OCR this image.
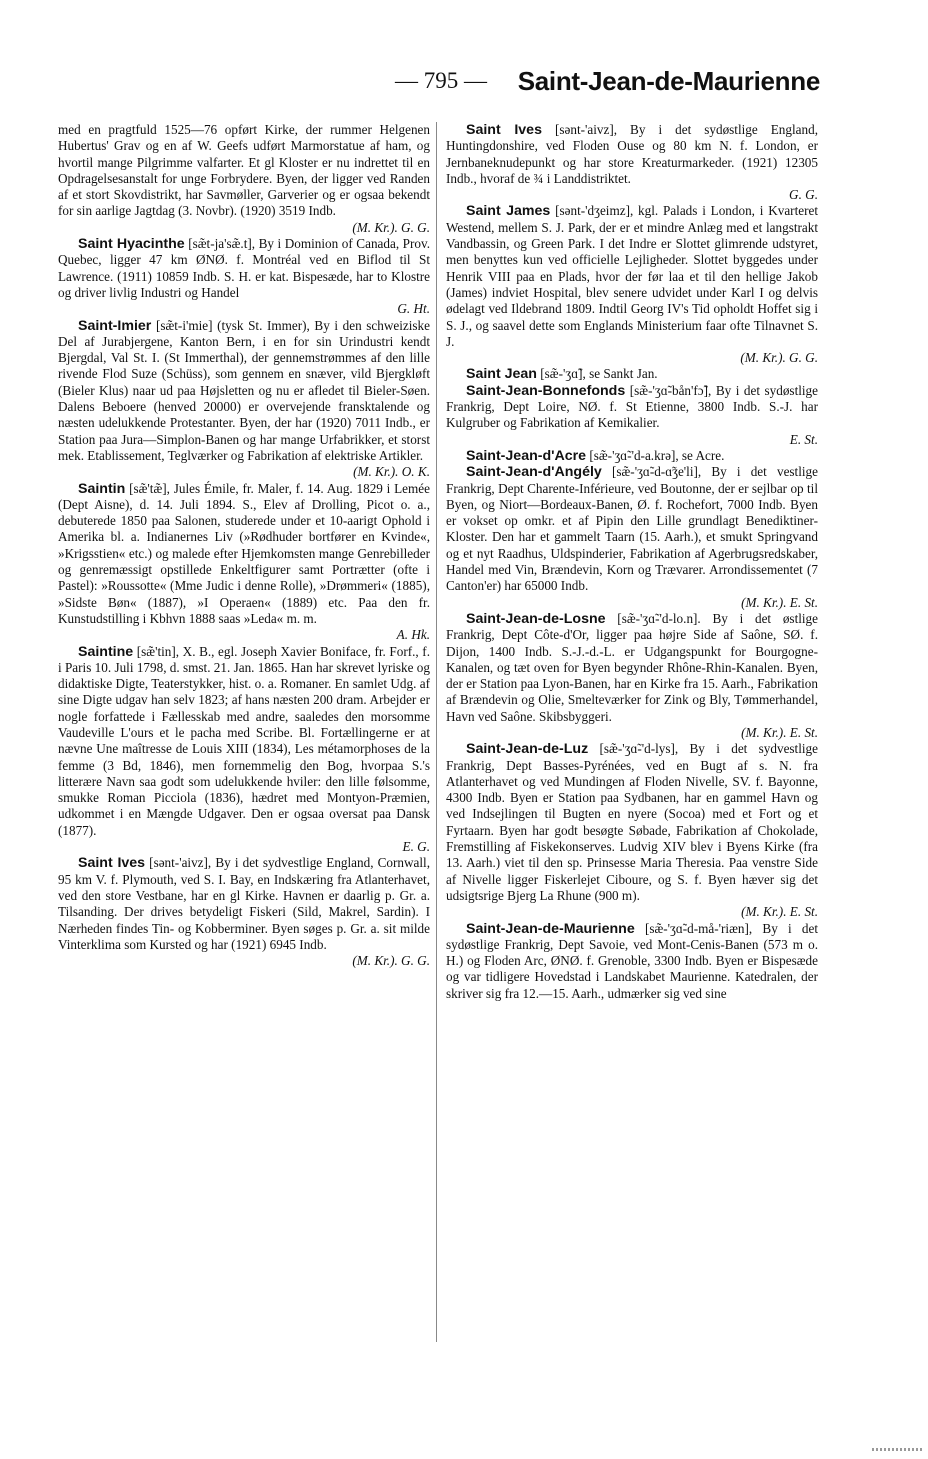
— 795 — Saint-Jean-de-Maurienne

med en pragtfuld 1525—76 opført Kirke, der rummer Helgenen Hubertus' Grav og en af W. Geefs udført Marmorstatue af ham, og hvortil mange Pilgrimme valfarter. Et gl Kloster er nu indrettet til en Opdragelsesanstalt for unge Forbrydere. Byen, der ligger ved Randen af et stort Skovdistrikt, har Savmøller, Garverier og er ogsaa bekendt for sin aarlige Jagtdag (3. Novbr). (1920) 3519 Indb.
(M. Kr.). G. G.

Saint Hyacinthe [sæ̃t-ja'sæ̃.t], By i Dominion of Canada, Prov. Quebec, ligger 47 km ØNØ. f. Montréal ved en Biflod til St Lawrence. (1911) 10859 Indb. S. H. er kat. Bispesæde, har to Klostre og driver livlig Industri og Handel
G. Ht.

Saint-Imier [sæ̃t-i'mie] (tysk St. Immer), By i den schweiziske Del af Jurabjergene, Kanton Bern, i en for sin Urindustri kendt Bjergdal, Val St. I. (St Immerthal), der gennemstrømmes af den lille rivende Flod Suze (Schüss), som gennem en snæver, vild Bjergkløft (Bieler Klus) naar ud paa Højsletten og nu er afledet til Bieler-Søen. Dalens Beboere (henved 20000) er overvejende fransktalende og næsten udelukkende Protestanter. Byen, der har (1920) 7011 Indb., er Station paa Jura—Simplon-Banen og har mange Urfabrikker, et storst mek. Etablissement, Teglværker og Fabrikation af elektriske Artikler.
(M. Kr.). O. K.

Saintin [sæ̃'tæ̃], Jules Émile, fr. Maler, f. 14. Aug. 1829 i Lemée (Dept Aisne), d. 14. Juli 1894. S., Elev af Drolling, Picot o. a., debuterede 1850 paa Salonen, studerede under et 10-aarigt Ophold i Amerika bl. a. Indianernes Liv (»Rødhuder bortfører en Kvinde«, »Krigsstien« etc.) og malede efter Hjemkomsten mange Genrebilleder og genremæssigt opstillede Enkeltfigurer samt Portrætter (ofte i Pastel): »Roussotte« (Mme Judic i denne Rolle), »Drømmeri« (1885), »Sidste Bøn« (1887), »I Operaen« (1889) etc. Paa den fr. Kunstudstilling i Kbhvn 1888 saas »Leda« m. m.
A. Hk.

Saintine [sæ̃'tin], X. B., egl. Joseph Xavier Boniface, fr. Forf., f. i Paris 10. Juli 1798, d. smst. 21. Jan. 1865. Han har skrevet lyriske og didaktiske Digte, Teaterstykker, hist. o. a. Romaner. En samlet Udg. af sine Digte udgav han selv 1823; af hans næsten 200 dram. Arbejder er nogle forfattede i Fællesskab med andre, saaledes den morsomme Vaudeville L'ours et le pacha med Scribe. Bl. Fortællingerne er at nævne Une maîtresse de Louis XIII (1834), Les métamorphoses de la femme (3 Bd, 1846), men fornemmelig den Bog, hvorpaa S.'s litterære Navn saa godt som udelukkende hviler: den lille følsomme, smukke Roman Picciola (1836), hædret med Montyon-Præmien, udkommet i en Mængde Udgaver. Den er ogsaa oversat paa Dansk (1877).
E. G.

Saint Ives [sənt-'aivz], By i det sydvestlige England, Cornwall, 95 km V. f. Plymouth, ved S. I. Bay, en Indskæring fra Atlanterhavet, ved den store Vestbane, har en gl Kirke. Havnen er daarlig p. Gr. a. Tilsanding. Der drives betydeligt Fiskeri (Sild, Makrel, Sardin). I Nærheden findes Tin- og Kobberminer. Byen søges p. Gr. a. sit milde Vinterklima som Kursted og har (1921) 6945 Indb.
(M. Kr.). G. G.

Saint Ives [sənt-'aivz], By i det sydøstlige England, Huntingdonshire, ved Floden Ouse og 80 km N. f. London, er Jernbaneknudepunkt og har store Kreaturmarkeder. (1921) 12305 Indb., hvoraf de ¾ i Landdistriktet.
G. G.

Saint James [sənt-'dʒeimz], kgl. Palads i London, i Kvarteret Westend, mellem S. J. Park, der er et mindre Anlæg med et langstrakt Vandbassin, og Green Park. I det Indre er Slottet glimrende udstyret, men benyttes kun ved officielle Lejligheder. Slottet byggedes under Henrik VIII paa en Plads, hvor der før laa et til den hellige Jakob (James) indviet Hospital, blev senere udvidet under Karl I og delvis ødelagt ved Ildebrand 1809. Indtil Georg IV's Tid opholdt Hoffet sig i S. J., og saavel dette som Englands Ministerium faar ofte Tilnavnet S. J.
(M. Kr.). G. G.

Saint Jean [sæ̃-'ʒɑ̃], se Sankt Jan.

Saint-Jean-Bonnefonds [sæ̃-'ʒɑ̃-bån'fɔ̃], By i det sydøstlige Frankrig, Dept Loire, NØ. f. St Etienne, 3800 Indb. S.-J. har Kulgruber og Fabrikation af Kemikalier.
E. St.

Saint-Jean-d'Acre [sæ̃-'ʒɑ̃-'d-a.krə], se Acre.

Saint-Jean-d'Angély [sæ̃-'ʒɑ̃-d-ɑ̃ʒe'li], By i det vestlige Frankrig, Dept Charente-Inférieure, ved Boutonne, der er sejlbar op til Byen, og Niort—Bordeaux-Banen, Ø. f. Rochefort, 7000 Indb. Byen er vokset op omkr. et af Pipin den Lille grundlagt Benediktiner-Kloster. Den har et gammelt Taarn (15. Aarh.), et smukt Springvand og et nyt Raadhus, Uldspinderier, Fabrikation af Agerbrugsredskaber, Handel med Vin, Brændevin, Korn og Trævarer. Arrondissementet (7 Canton'er) har 65000 Indb.
(M. Kr.). E. St.

Saint-Jean-de-Losne [sæ̃-'ʒɑ̃-'d-lo.n]. By i det østlige Frankrig, Dept Côte-d'Or, ligger paa højre Side af Saône, SØ. f. Dijon, 1400 Indb. S.-J.-d.-L. er Udgangspunkt for Bourgogne-Kanalen, og tæt oven for Byen begynder Rhône-Rhin-Kanalen. Byen, der er Station paa Lyon-Banen, har en Kirke fra 15. Aarh., Fabrikation af Brændevin og Olie, Smelteværker for Zink og Bly, Tømmerhandel, Havn ved Saône. Skibsbyggeri.
(M. Kr.). E. St.

Saint-Jean-de-Luz [sæ̃-'ʒɑ̃-'d-lys], By i det sydvestlige Frankrig, Dept Basses-Pyrénées, ved en Bugt af s. N. fra Atlanterhavet og ved Mundingen af Floden Nivelle, SV. f. Bayonne, 4300 Indb. Byen er Station paa Sydbanen, har en gammel Havn og ved Indsejlingen til Bugten en nyere (Socoa) med et Fort og et Fyrtaarn. Byen har godt besøgte Søbade, Fabrikation af Chokolade, Fremstilling af Fiskekonserves. Ludvig XIV blev i Byens Kirke (fra 13. Aarh.) viet til den sp. Prinsesse Maria Theresia. Paa venstre Side af Nivelle ligger Fiskerlejet Ciboure, og S. f. Byen hæver sig det udsigtsrige Bjerg La Rhune (900 m).
(M. Kr.). E. St.

Saint-Jean-de-Maurienne [sæ̃-'ʒɑ̃-d-må-'riæn], By i det sydøstlige Frankrig, Dept Savoie, ved Mont-Cenis-Banen (573 m o. H.) og Floden Arc, ØNØ. f. Grenoble, 3300 Indb. Byen er Bispesæde og var tidligere Hovedstad i Landskabet Maurienne. Katedralen, der skriver sig fra 12.—15. Aarh., udmærker sig ved sine
